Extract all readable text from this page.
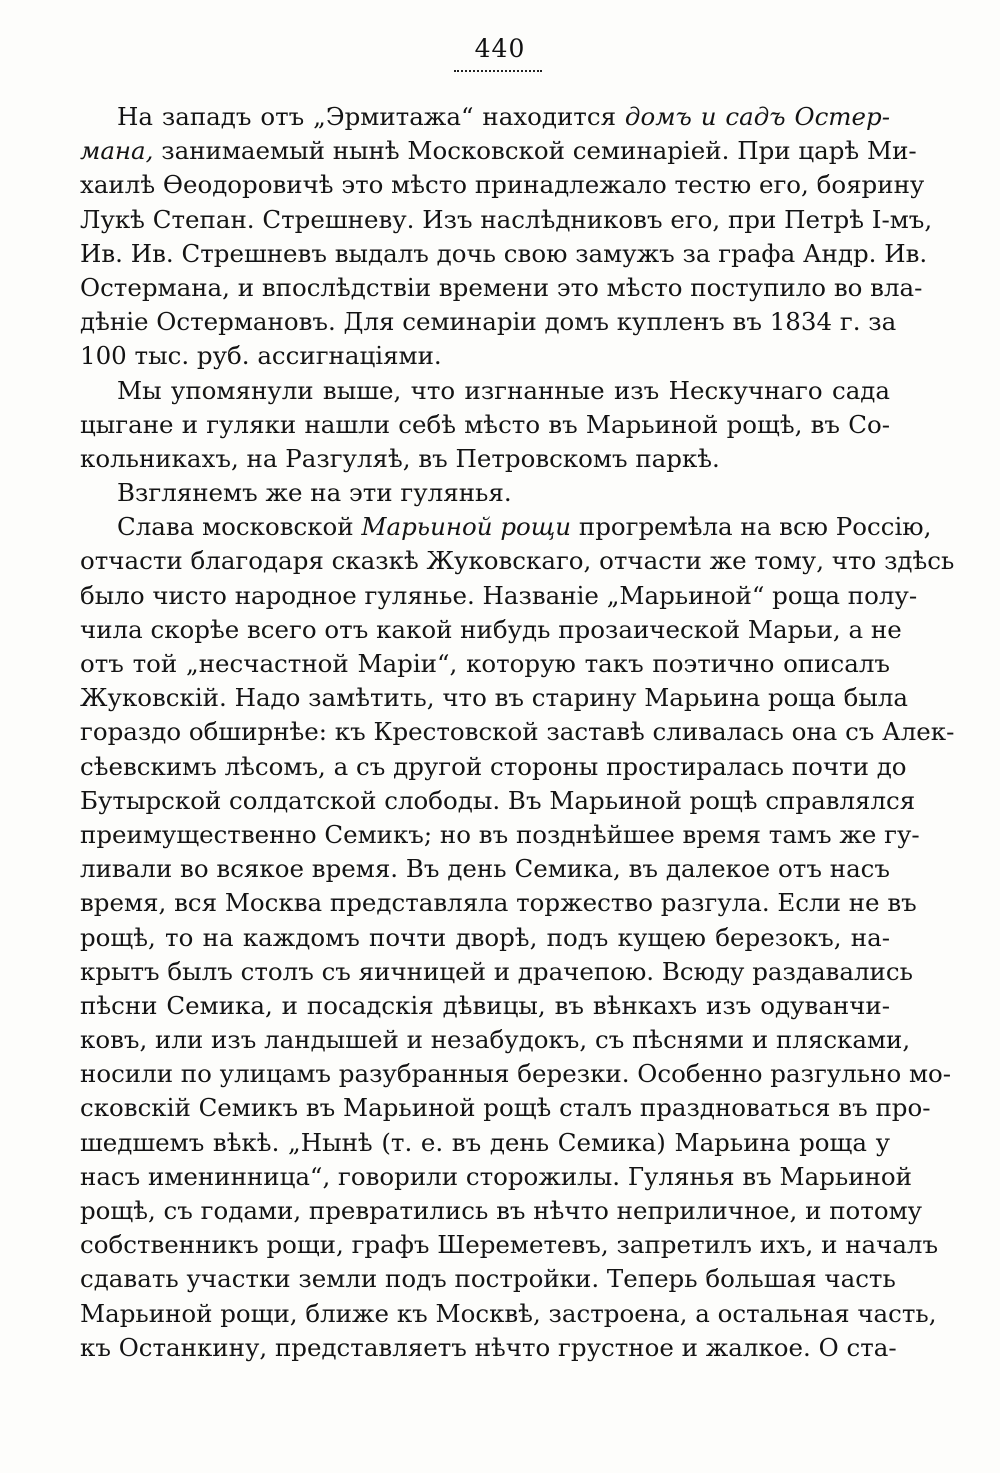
440
На западъ отъ „Эрмитажа“ находится домъ и садъ Остер-
мана, занимаемый нынѣ Московской семинаріей. При царѣ Ми-
хаилѣ Ѳеодоровичѣ это мѣсто принадлежало тестю его, боярину
Лукѣ Степан. Стрешневу. Изъ наслѣдниковъ его, при Петрѣ І-мъ,
Ив. Ив. Стрешневъ выдалъ дочь свою замужъ за графа Андр. Ив.
Остермана, и впослѣдствіи времени это мѣсто поступило во вла-
дѣніе Остермановъ. Для семинаріи домъ купленъ въ 1834 г. за
100 тыс. руб. ассигнаціями.
Мы упомянули выше, что изгнанные изъ Нескучнаго сада
цыгане и гуляки нашли себѣ мѣсто въ Марьиной рощѣ, въ Со-
кольникахъ, на Разгуляѣ, въ Петровскомъ паркѣ.
Взглянемъ же на эти гулянья.
Слава московской Марьиной рощи прогремѣла на всю Россію,
отчасти благодаря сказкѣ Жуковскаго, отчасти же тому, что здѣсь
было чисто народное гулянье. Названіе „Марьиной“ роща полу-
чила скорѣе всего отъ какой нибудь прозаической Марьи, а не
отъ той „несчастной Маріи“, которую такъ поэтично описалъ
Жуковскій. Надо замѣтить, что въ старину Марьина роща была
гораздо обширнѣе: къ Крестовской заставѣ сливалась она съ Алек-
сѣевскимъ лѣсомъ, а съ другой стороны простиралась почти до
Бутырской солдатской слободы. Въ Марьиной рощѣ справлялся
преимущественно Семикъ; но въ позднѣйшее время тамъ же гу-
ливали во всякое время. Въ день Семика, въ далекое отъ насъ
время, вся Москва представляла торжество разгула. Если не въ
рощѣ, то на каждомъ почти дворѣ, подъ кущею березокъ, на-
крытъ былъ столъ съ яичницей и драчепою. Всюду раздавались
пѣсни Семика, и посадскія дѣвицы, въ вѣнкахъ изъ одуванчи-
ковъ, или изъ ландышей и незабудокъ, съ пѣснями и плясками,
носили по улицамъ разубранныя березки. Особенно разгульно мо-
сковскій Семикъ въ Марьиной рощѣ сталъ праздноваться въ про-
шедшемъ вѣкѣ. „Нынѣ (т. е. въ день Семика) Марьина роща у
насъ именинница“, говорили сторожилы. Гулянья въ Марьиной
рощѣ, съ годами, превратились въ нѣчто неприличное, и потому
собственникъ рощи, графъ Шереметевъ, запретилъ ихъ, и началъ
сдавать участки земли подъ постройки. Теперь большая часть
Марьиной рощи, ближе къ Москвѣ, застроена, а остальная часть,
къ Останкину, представляетъ нѣчто грустное и жалкое. О ста-
